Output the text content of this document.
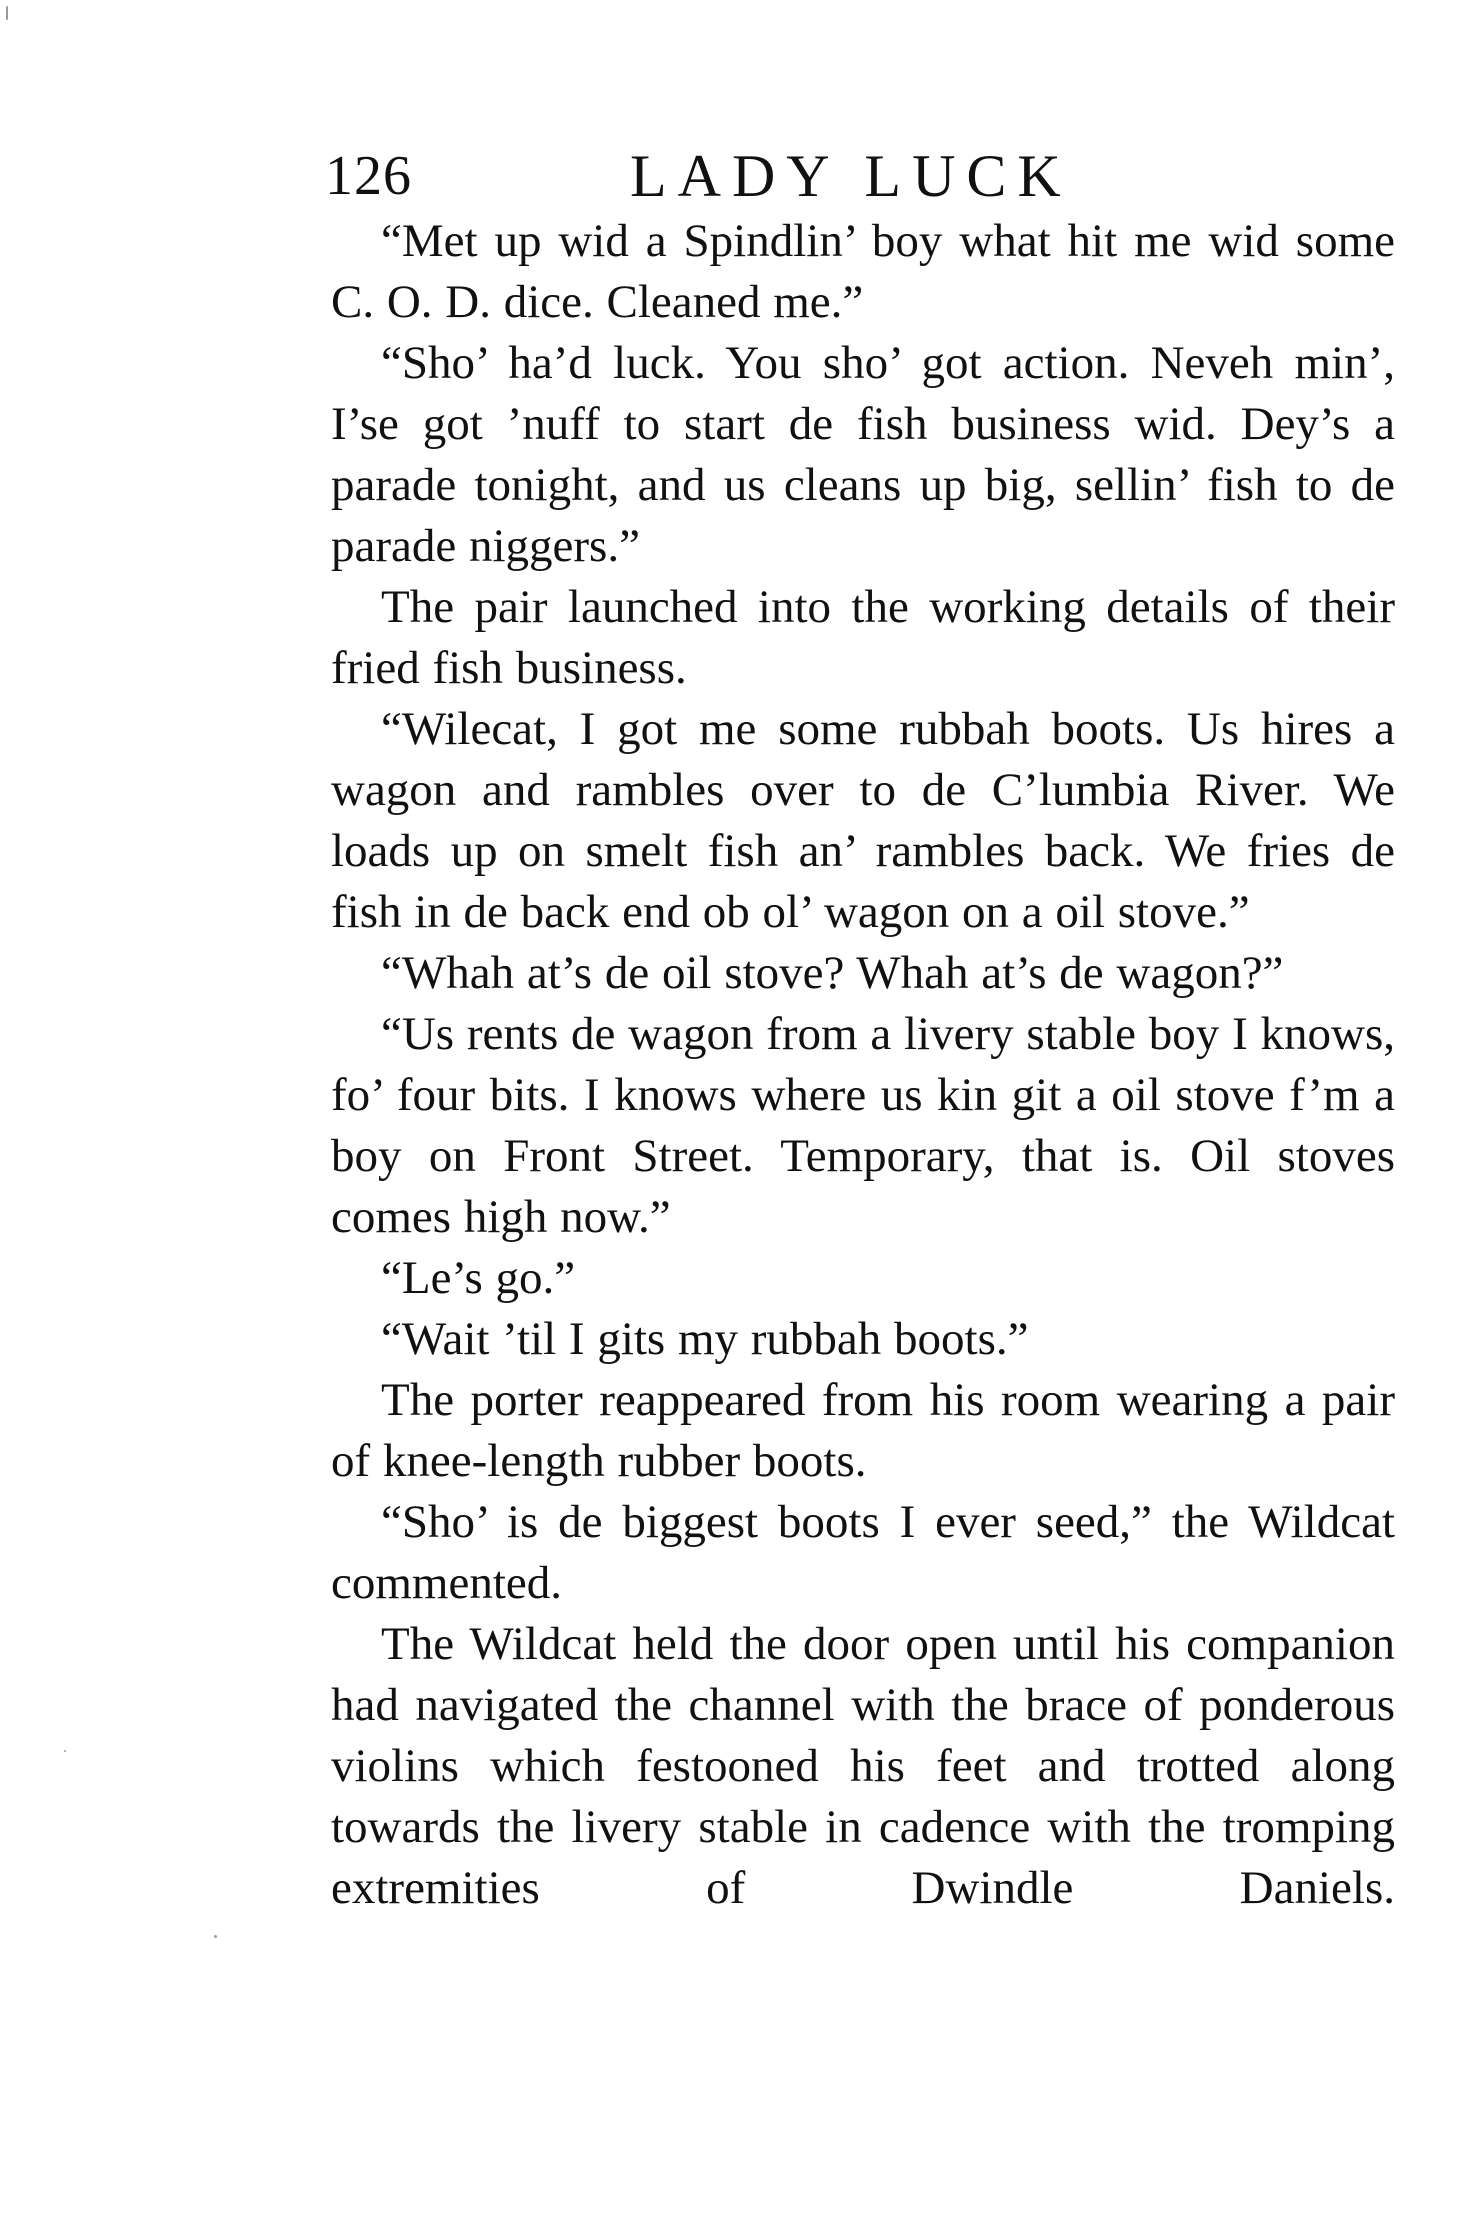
126	LADY LUCK

“Met up wid a Spindlin’ boy what hit me wid some C. O. D. dice. Cleaned me.”

“Sho’ ha’d luck. You sho’ got action. Neveh min’, I’se got ’nuff to start de fish business wid. Dey’s a parade tonight, and us cleans up big, sellin’ fish to de parade niggers.”

The pair launched into the working details of their fried fish business.

“Wilecat, I got me some rubbah boots. Us hires a wagon and rambles over to de C’lumbia River. We loads up on smelt fish an’ rambles back. We fries de fish in de back end ob ol’ wagon on a oil stove.”

“Whah at’s de oil stove? Whah at’s de wagon?”

“Us rents de wagon from a livery stable boy I knows, fo’ four bits. I knows where us kin git a oil stove f’m a boy on Front Street. Temporary, that is. Oil stoves comes high now.”

“Le’s go.”

“Wait ’til I gits my rubbah boots.”

The porter reappeared from his room wearing a pair of knee-length rubber boots.

“Sho’ is de biggest boots I ever seed,” the Wildcat commented.

The Wildcat held the door open until his companion had navigated the channel with the brace of ponderous violins which festooned his feet and trotted along towards the livery stable in cadence with the tromping extremities of Dwindle Daniels.
